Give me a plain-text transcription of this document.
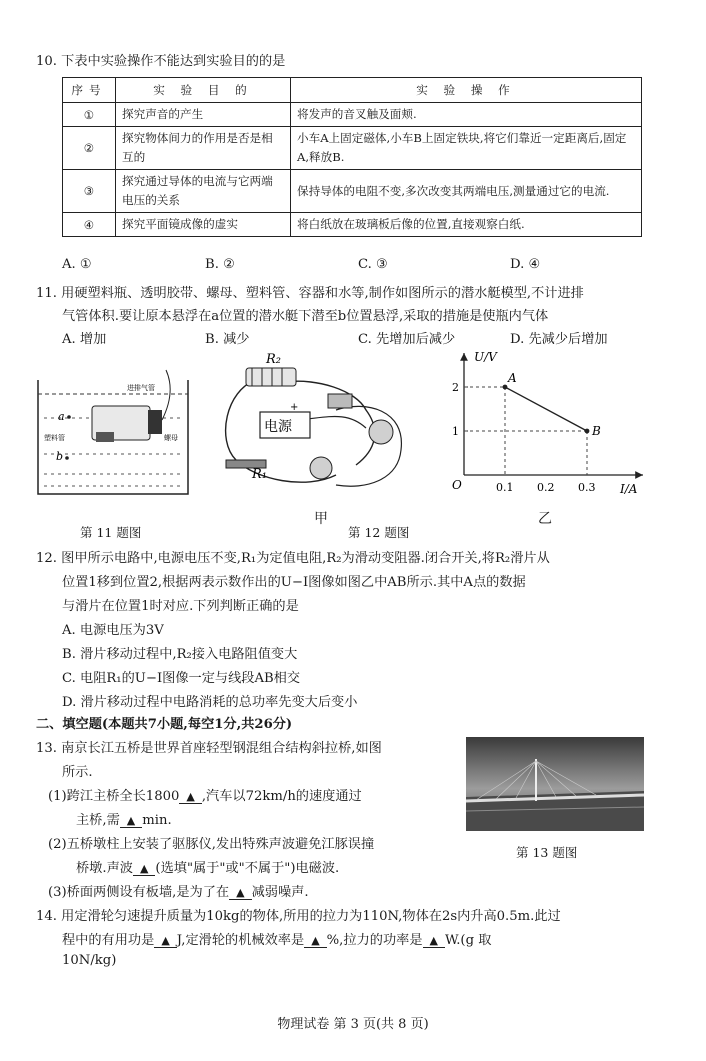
10. 下表中实验操作不能达到实验目的的是
序号	实 验 目 的	实 验 操 作
①	探究声音的产生	将发声的音叉触及面颊.
②	探究物体间力的作用是否是相互的	小车A上固定磁体,小车B上固定铁块,将它们靠近一定距离后,固定A,释放B.
③	探究通过导体的电流与它两端电压的关系	保持导体的电阻不变,多次改变其两端电压,测量通过它的电流.
④	探究平面镜成像的虚实	将白纸放在玻璃板后像的位置,直接观察白纸.
A. ①	B. ②	C. ③	D. ④
11. 用硬塑料瓶、透明胶带、螺母、塑料管、容器和水等,制作如图所示的潜水艇模型,不计进排
气管体积.要让原本悬浮在a位置的潜水艇下潜至b位置悬浮,采取的措施是使瓶内气体
A. 增加	B. 减少	C. 先增加后减少	D. 先减少后增加
进排气管
a
b
塑料管	螺母
第 11 题图
R₂
电源
+
R₁
甲
第 12 题图
U/V
I/A
O	0.1 0.2 0.3
1
2
A
B
乙
12. 图甲所示电路中,电源电压不变,R₁为定值电阻,R₂为滑动变阻器.闭合开关,将R₂滑片从
位置1移到位置2,根据两表示数作出的U−I图像如图乙中AB所示.其中A点的数据
与滑片在位置1时对应.下列判断正确的是
A. 电源电压为3V
B. 滑片移动过程中,R₂接入电路阻值变大
C. 电阻R₁的U−I图像一定与线段AB相交
D. 滑片移动过程中电路消耗的总功率先变大后变小
二、填空题(本题共7小题,每空1分,共26分)
13. 南京长江五桥是世界首座轻型钢混组合结构斜拉桥,如图
所示.
(1)跨江主桥全长1800 ▲ ,汽车以72km/h的速度通过
主桥,需 ▲ min.
(2)五桥墩柱上安装了驱豚仪,发出特殊声波避免江豚误撞
桥墩.声波 ▲ (选填"属于"或"不属于")电磁波.
(3)桥面两侧设有板墙,是为了在 ▲ 减弱噪声.
第 13 题图
14. 用定滑轮匀速提升质量为10kg的物体,所用的拉力为110N,物体在2s内升高0.5m.此过
程中的有用功是 ▲ J,定滑轮的机械效率是 ▲ %,拉力的功率是 ▲ W.(g 取
10N/kg)
物理试卷 第 3 页(共 8 页)
